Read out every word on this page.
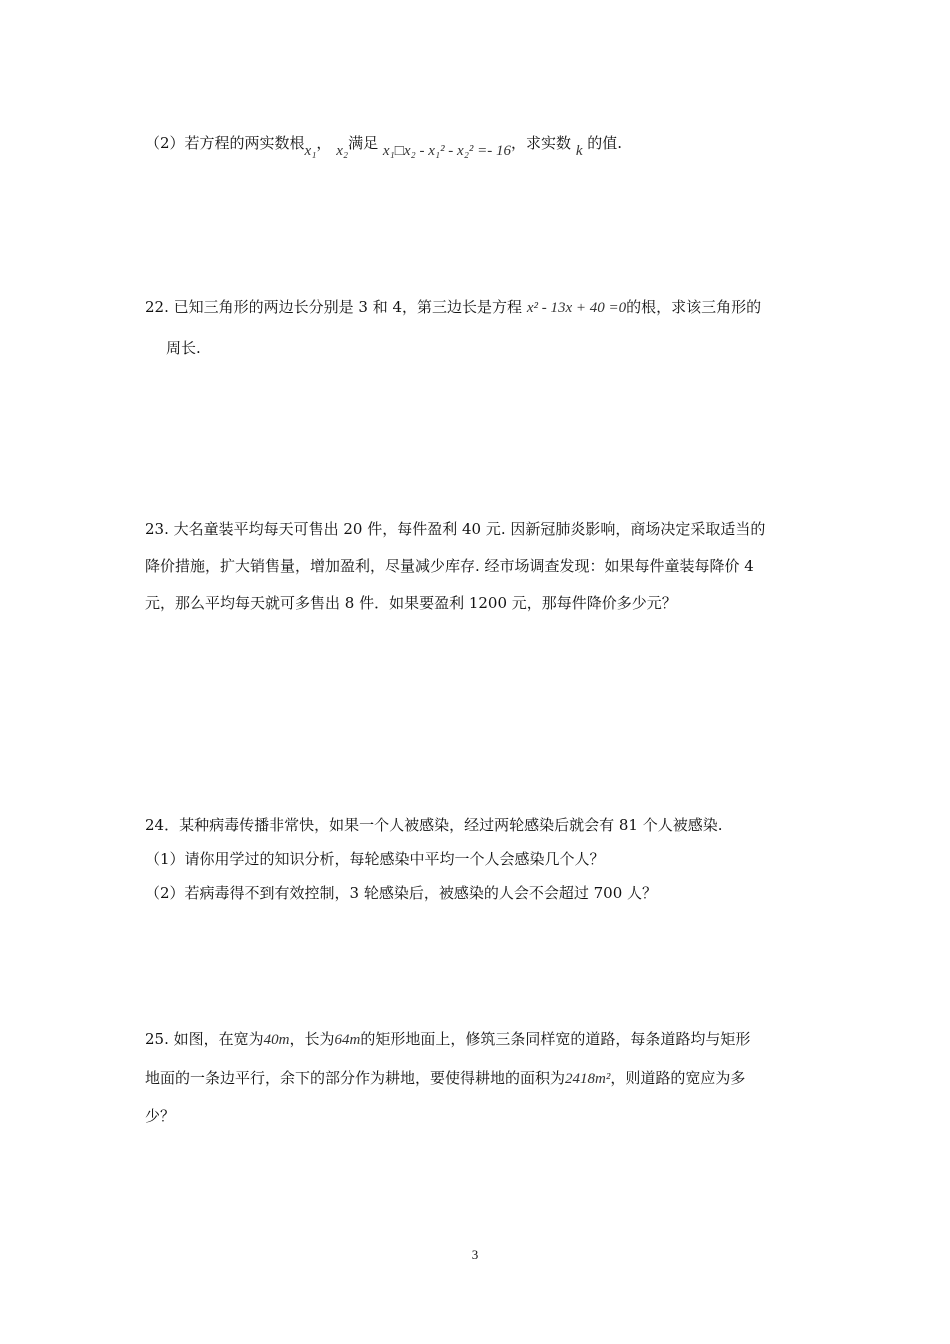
（2）若方程的两实数根x₁， x₂满足 x₁□x₂ - x₁² - x₂² =- 16，求实数 k 的值.
22. 已知三角形的两边长分别是 3 和 4，第三边长是方程 x² - 13x + 40 =0的根，求该三角形的
周长.
23. 大名童装平均每天可售出 20 件，每件盈利 40 元. 因新冠肺炎影响，商场决定采取适当的
降价措施，扩大销售量，增加盈利，尽量减少库存. 经市场调查发现：如果每件童装每降价 4
元，那么平均每天就可多售出 8 件．如果要盈利 1200 元，那每件降价多少元？
24．某种病毒传播非常快，如果一个人被感染，经过两轮感染后就会有 81 个人被感染.
（1）请你用学过的知识分析，每轮感染中平均一个人会感染几个人？
（2）若病毒得不到有效控制，3 轮感染后，被感染的人会不会超过 700 人？
25. 如图，在宽为40m，长为64m的矩形地面上，修筑三条同样宽的道路，每条道路均与矩形
地面的一条边平行，余下的部分作为耕地，要使得耕地的面积为2418m²，则道路的宽应为多
少？
3
